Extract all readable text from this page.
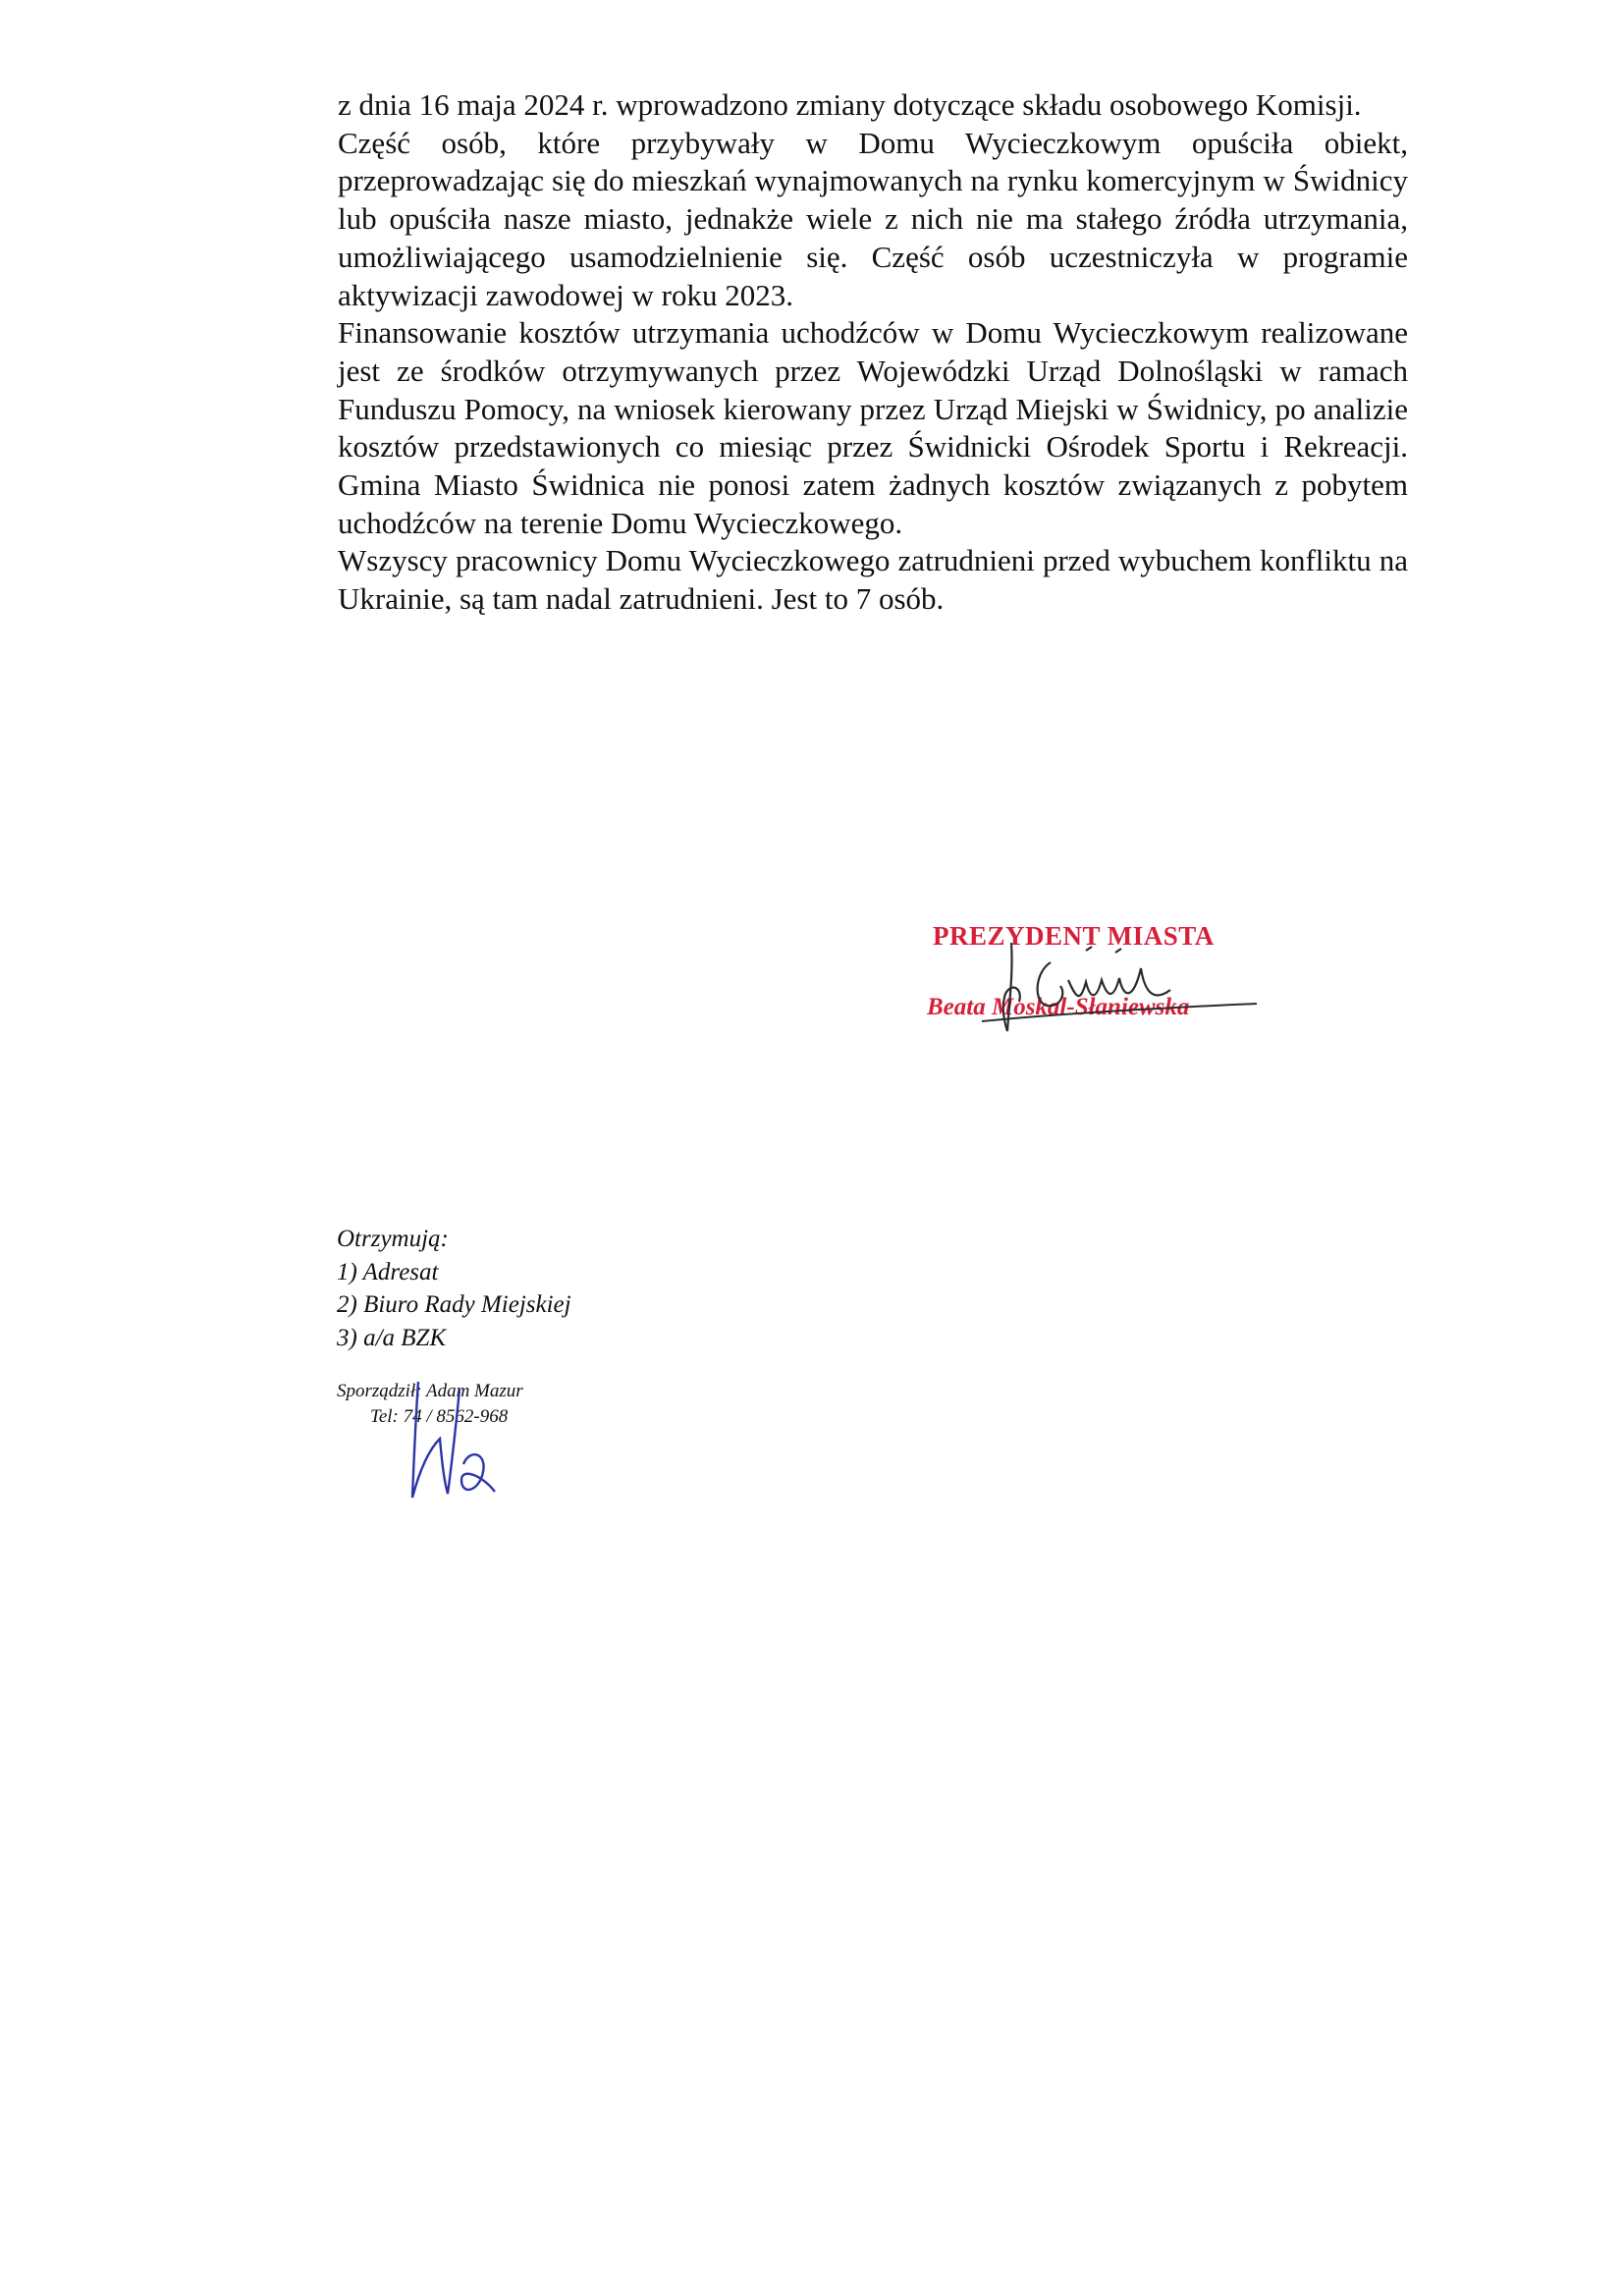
z dnia 16 maja 2024 r. wprowadzono zmiany dotyczące składu osobowego Komisji.

Część osób, które przybywały w Domu Wycieczkowym opuściła obiekt, przeprowadzając się do mieszkań wynajmowanych na rynku komercyjnym w Świdnicy lub opuściła nasze miasto, jednakże wiele z nich nie ma stałego źródła utrzymania, umożliwiającego usamodzielnienie się. Część osób uczestniczyła w programie aktywizacji zawodowej w roku 2023.

Finansowanie kosztów utrzymania uchodźców w Domu Wycieczkowym realizowane jest ze środków otrzymywanych przez Wojewódzki Urząd Dolnośląski w ramach Funduszu Pomocy, na wniosek kierowany przez Urząd Miejski w Świdnicy, po analizie kosztów przedstawionych co miesiąc przez Świdnicki Ośrodek Sportu i Rekreacji. Gmina Miasto Świdnica nie ponosi zatem żadnych kosztów związanych z pobytem uchodźców na terenie Domu Wycieczkowego.

Wszyscy pracownicy Domu Wycieczkowego zatrudnieni przed wybuchem konfliktu na Ukrainie, są tam nadal zatrudnieni. Jest to 7 osób.

PREZYDENT MIASTA
Beata Moskal-Słaniewska
Otrzymują:
1) Adresat
2) Biuro Rady Miejskiej
3) a/a BZK
Sporządził: Adam Mazur
Tel: 74 / 8562-968
